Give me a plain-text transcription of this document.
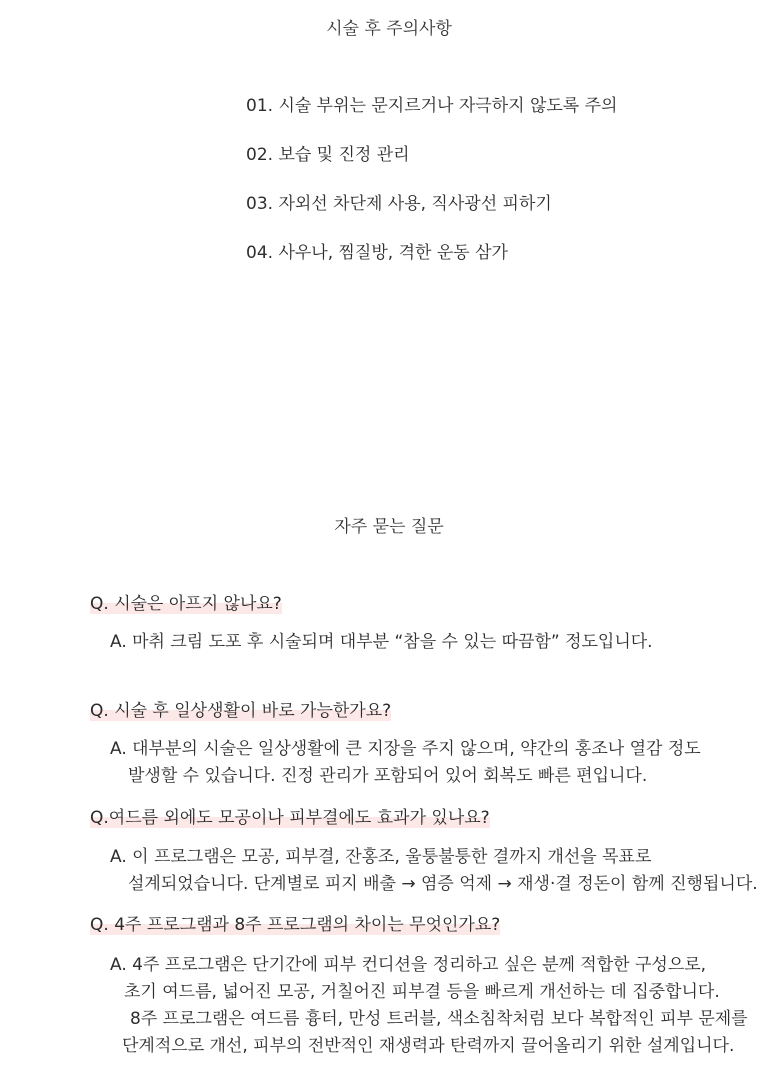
시술 후 주의사항
01. 시술 부위는 문지르거나 자극하지 않도록 주의
02. 보습 및 진정 관리
03. 자외선 차단제 사용, 직사광선 피하기
04. 사우나, 찜질방, 격한 운동 삼가
자주 묻는 질문
Q. 시술은 아프지 않나요?
A. 마취 크림 도포 후 시술되며 대부분 “참을 수 있는 따끔함” 정도입니다.
Q. 시술 후 일상생활이 바로 가능한가요?
A. 대부분의 시술은 일상생활에 큰 지장을 주지 않으며, 약간의 홍조나 열감 정도
발생할 수 있습니다. 진정 관리가 포함되어 있어 회복도 빠른 편입니다.
Q.여드름 외에도 모공이나 피부결에도 효과가 있나요?
A. 이 프로그램은 모공, 피부결, 잔홍조, 울퉁불퉁한 결까지 개선을 목표로
설계되었습니다. 단계별로 피지 배출 → 염증 억제 → 재생·결 정돈이 함께 진행됩니다.
Q. 4주 프로그램과 8주 프로그램의 차이는 무엇인가요?
A. 4주 프로그램은 단기간에 피부 컨디션을 정리하고 싶은 분께 적합한 구성으로,
초기 여드름, 넓어진 모공, 거칠어진 피부결 등을 빠르게 개선하는 데 집중합니다.
8주 프로그램은 여드름 흉터, 만성 트러블, 색소침착처럼 보다 복합적인 피부 문제를
단계적으로 개선, 피부의 전반적인 재생력과 탄력까지 끌어올리기 위한 설계입니다.
